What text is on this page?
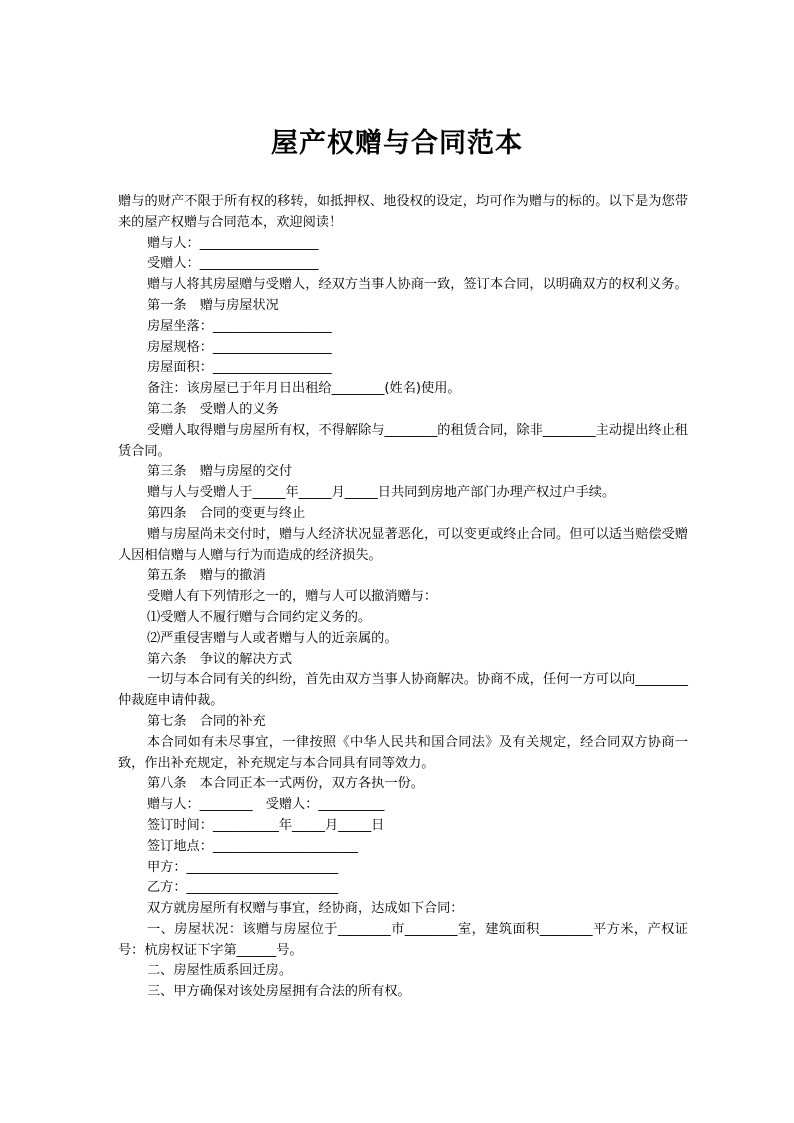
屋产权赠与合同范本

赠与的财产不限于所有权的移转，如抵押权、地役权的设定，均可作为赠与的标的。以下是为您带来的屋产权赠与合同范本，欢迎阅读！

赠与人：__________________

受赠人：__________________

赠与人将其房屋赠与受赠人，经双方当事人协商一致，签订本合同，以明确双方的权利义务。

第一条　赠与房屋状况

房屋坐落：__________________

房屋规格：__________________

房屋面积：__________________

备注：该房屋已于年月日出租给________(姓名)使用。

第二条　受赠人的义务

受赠人取得赠与房屋所有权，不得解除与________的租赁合同，除非________主动提出终止租赁合同。

第三条　赠与房屋的交付

赠与人与受赠人于_____年_____月_____日共同到房地产部门办理产权过户手续。

第四条　合同的变更与终止

赠与房屋尚未交付时，赠与人经济状况显著恶化，可以变更或终止合同。但可以适当赔偿受赠人因相信赠与人赠与行为而造成的经济损失。

第五条　赠与的撤消

受赠人有下列情形之一的，赠与人可以撤消赠与：

⑴受赠人不履行赠与合同约定义务的。

⑵严重侵害赠与人或者赠与人的近亲属的。

第六条　争议的解决方式

一切与本合同有关的纠纷，首先由双方当事人协商解决。协商不成，任何一方可以向________仲裁庭申请仲裁。

第七条　合同的补充

本合同如有未尽事宜，一律按照《中华人民共和国合同法》及有关规定，经合同双方协商一致，作出补充规定，补充规定与本合同具有同等效力。

第八条　本合同正本一式两份，双方各执一份。

赠与人：________　受赠人：__________

签订时间：__________年_____月_____日

签订地点：______________________

甲方：_______________________

乙方：_______________________

双方就房屋所有权赠与事宜，经协商，达成如下合同：

一、房屋状况：该赠与房屋位于________市________室，建筑面积________平方米，产权证号：杭房权证下字第______号。

二、房屋性质系回迁房。

三、甲方确保对该处房屋拥有合法的所有权。
